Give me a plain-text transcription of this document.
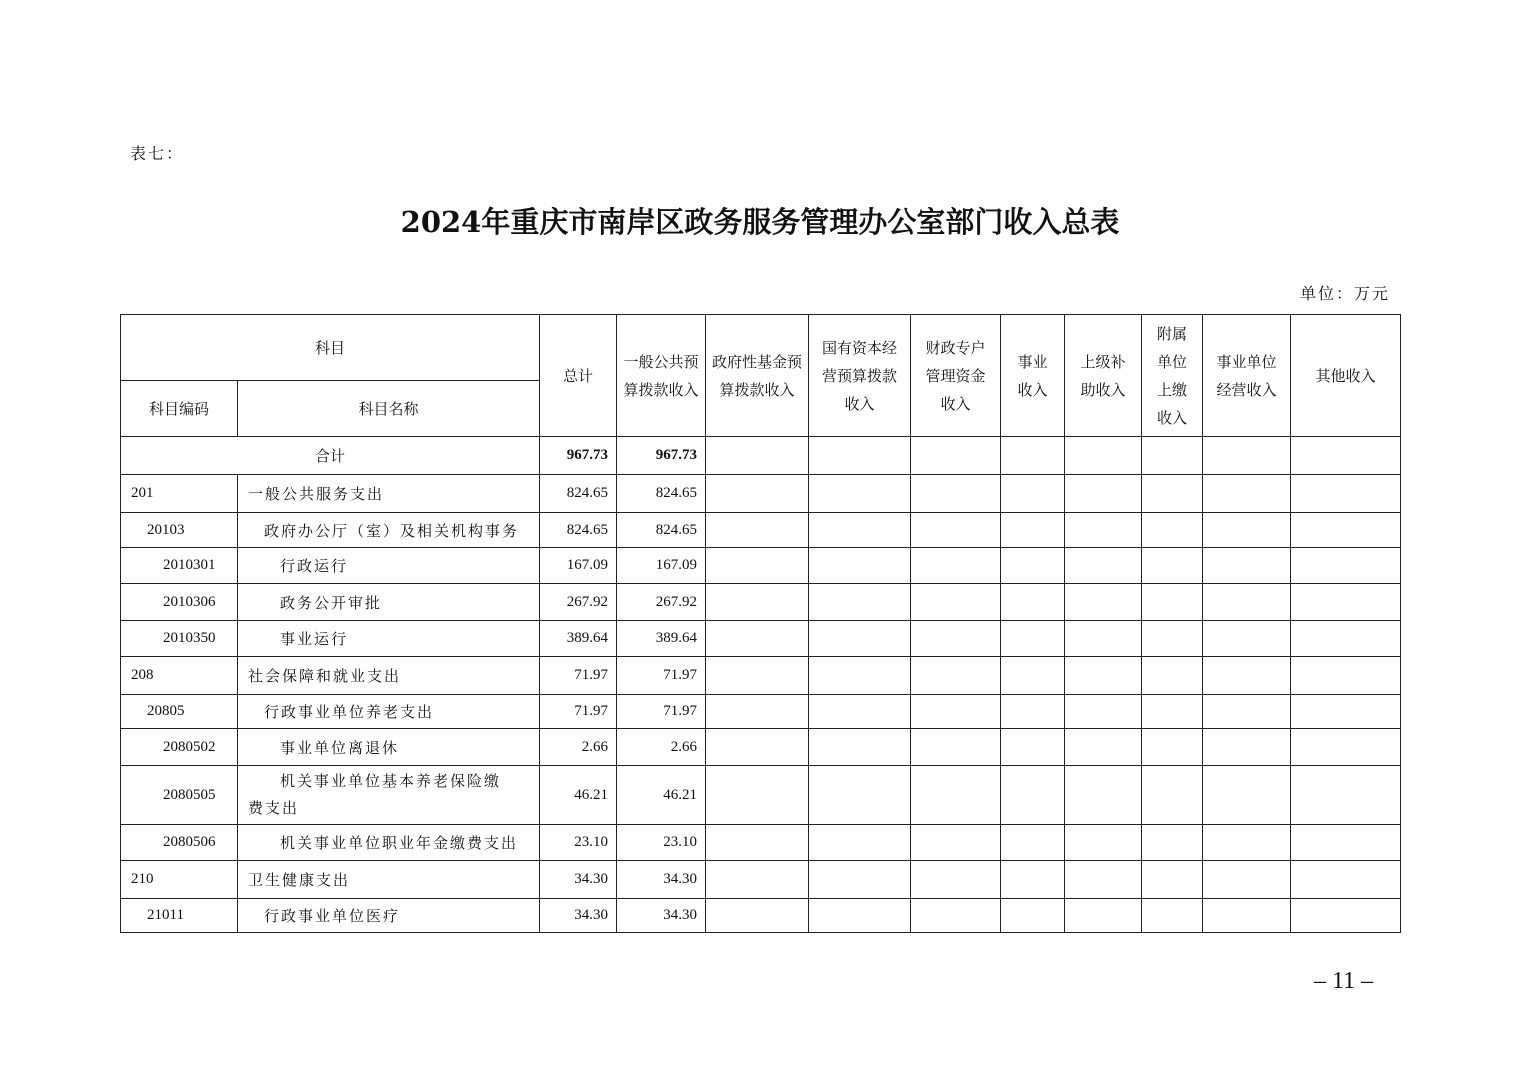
表七：
2024年重庆市南岸区政务服务管理办公室部门收入总表
单位：万元
科目		总计	一般公共预算拨款收入	政府性基金预算拨款收入	国有资本经营预算拨款收入	财政专户管理资金收入	事业收入	上级补助收入	附属单位上缴收入	事业单位经营收入	其他收入
科目编码	科目名称										
合计		967.73	967.73								
201	一般公共服务支出	824.65	824.65								
20103	政府办公厅（室）及相关机构事务	824.65	824.65								
2010301	行政运行	167.09	167.09								
2010306	政务公开审批	267.92	267.92								
2010350	事业运行	389.64	389.64								
208	社会保障和就业支出	71.97	71.97								
20805	行政事业单位养老支出	71.97	71.97								
2080502	事业单位离退休	2.66	2.66								
2080505	机关事业单位基本养老保险缴费支出	46.21	46.21								
2080506	机关事业单位职业年金缴费支出	23.10	23.10								
210	卫生健康支出	34.30	34.30								
21011	行政事业单位医疗	34.30	34.30								
– 11 –
